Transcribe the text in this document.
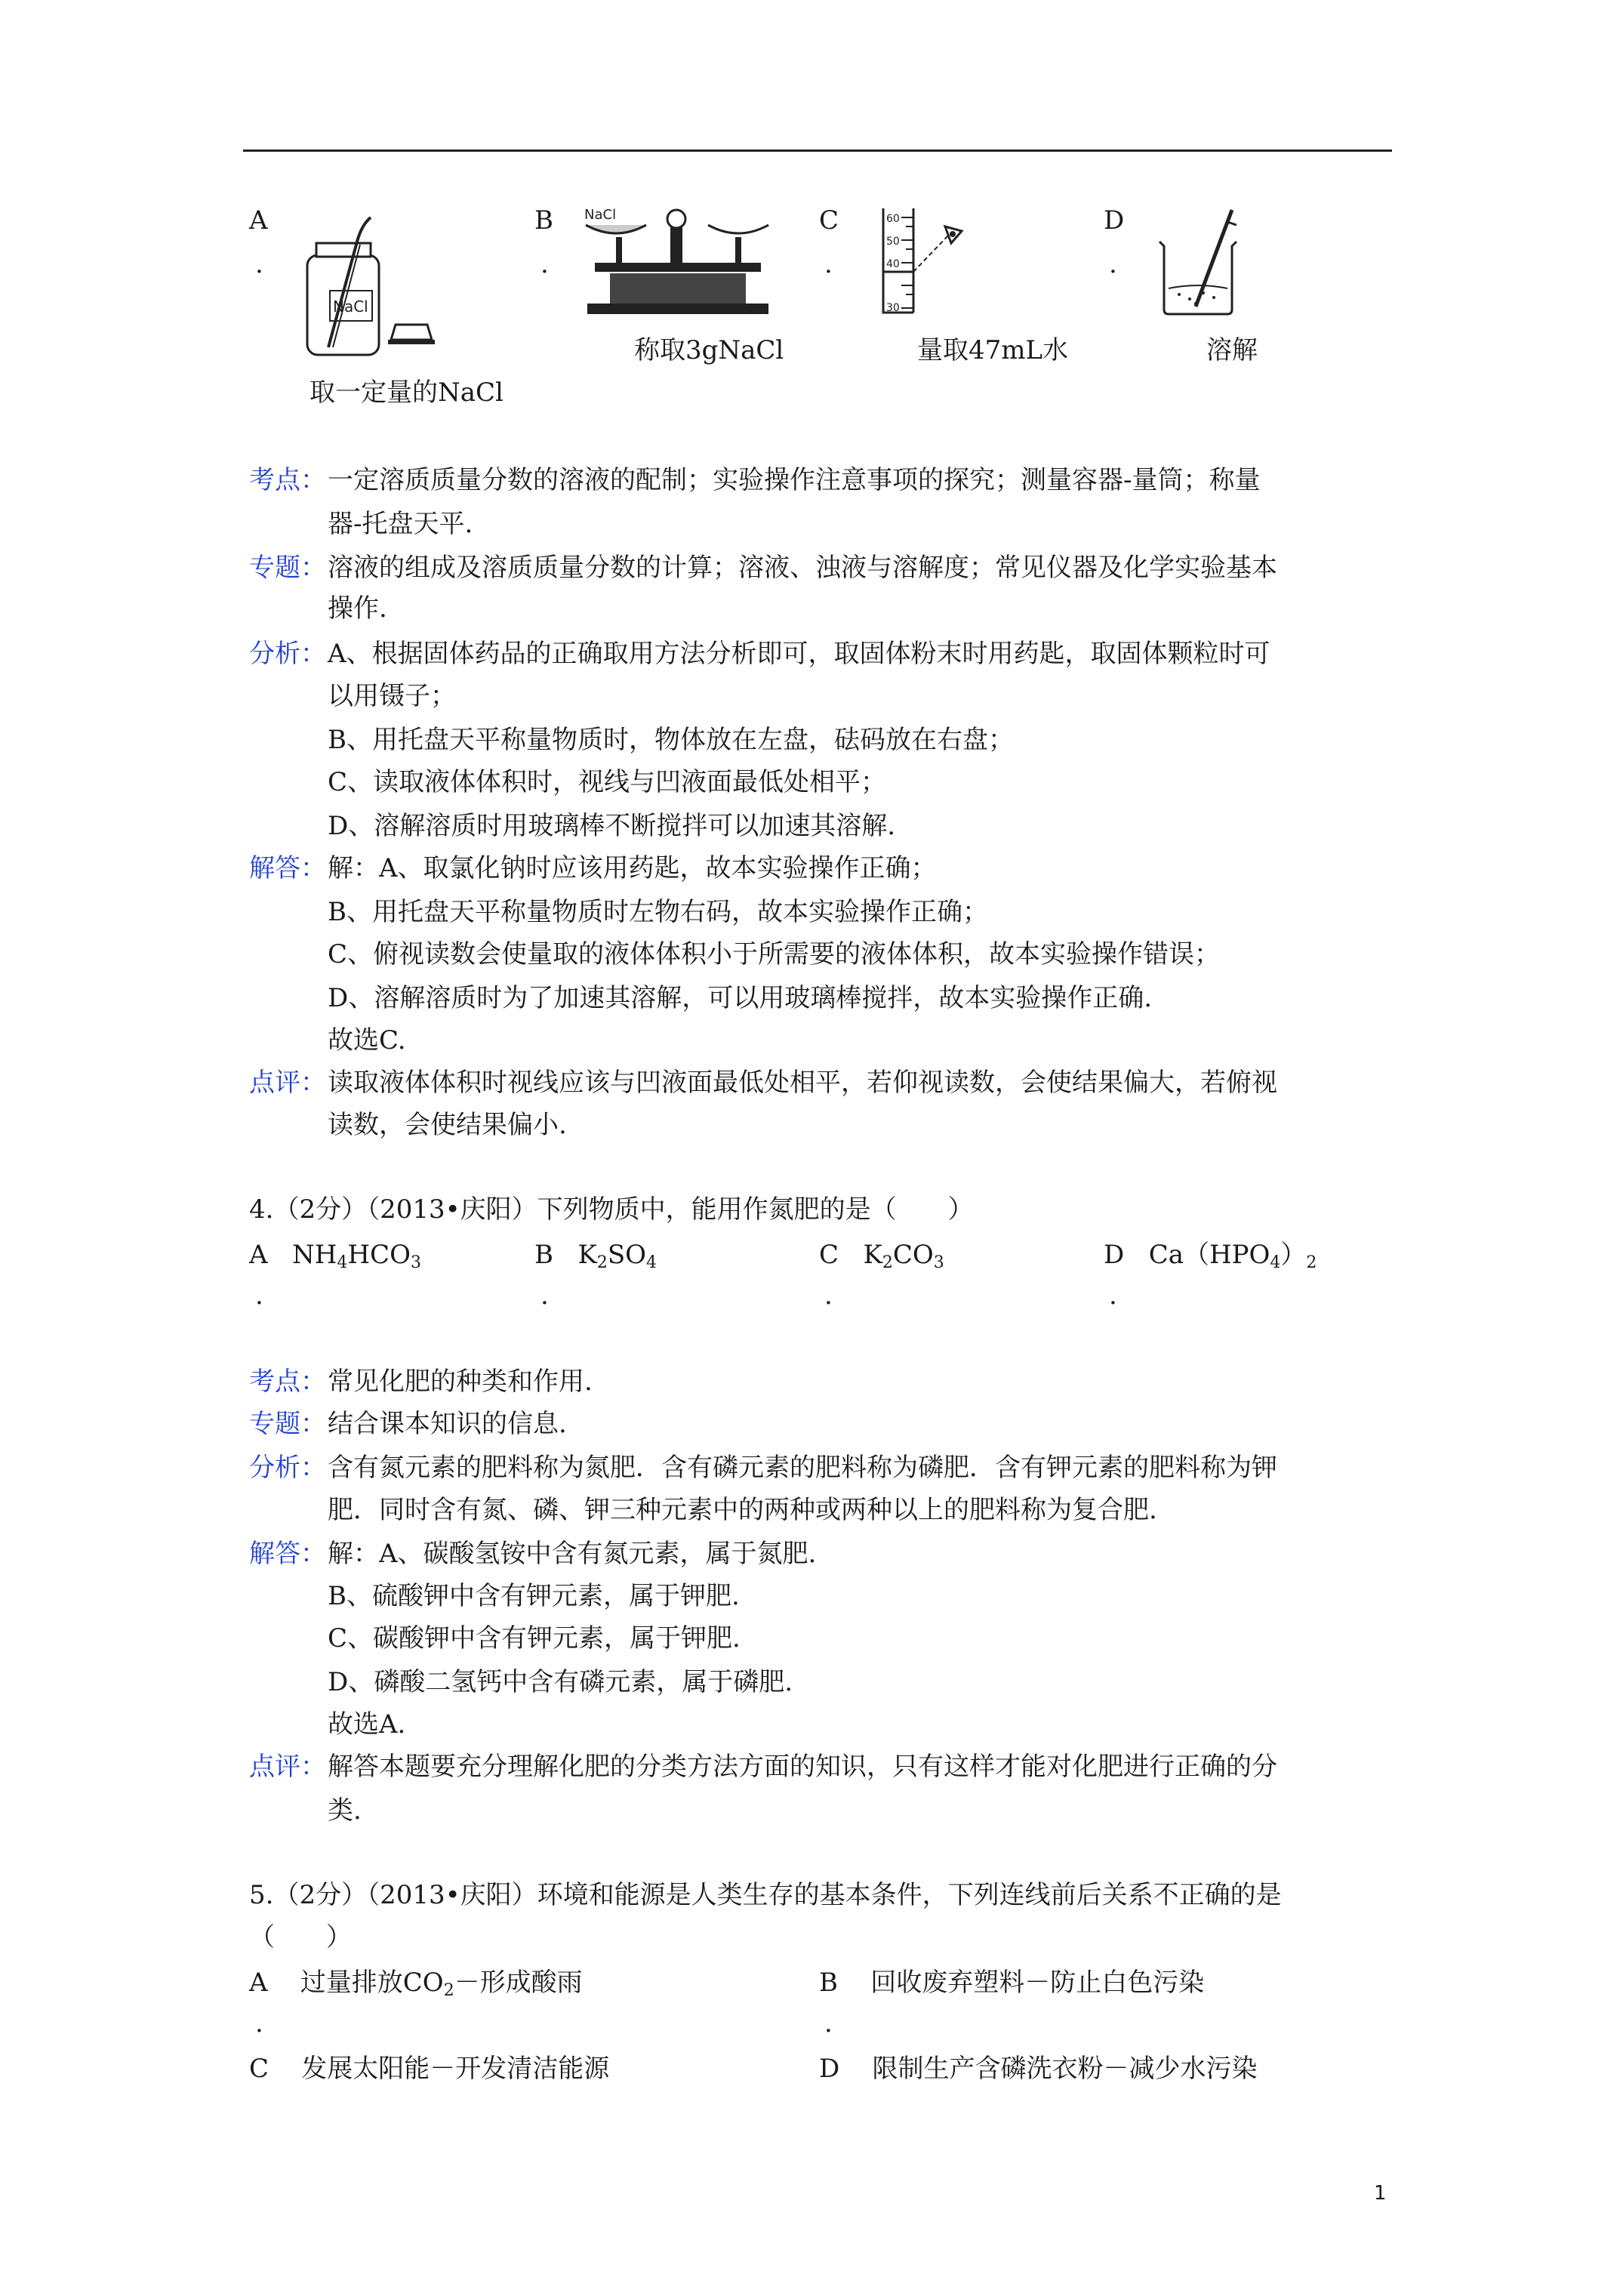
A
.
NaCl
取一定量的NaCl
B
.
NaCl
称取3gNaCl
C
.
60
50
40
30
量取47mL水
D
.
溶解
考点： 一定溶质质量分数的溶液的配制；实验操作注意事项的探究；测量容器-量筒；称量
器-托盘天平.
专题： 溶液的组成及溶质质量分数的计算；溶液、浊液与溶解度；常见仪器及化学实验基本
操作.
分析： A、根据固体药品的正确取用方法分析即可，取固体粉末时用药匙，取固体颗粒时可
以用镊子；
B、用托盘天平称量物质时，物体放在左盘，砝码放在右盘；
C、读取液体体积时，视线与凹液面最低处相平；
D、溶解溶质时用玻璃棒不断搅拌可以加速其溶解.
解答： 解：A、取氯化钠时应该用药匙，故本实验操作正确；
B、用托盘天平称量物质时左物右码，故本实验操作正确；
C、俯视读数会使量取的液体体积小于所需要的液体体积，故本实验操作错误；
D、溶解溶质时为了加速其溶解，可以用玻璃棒搅拌，故本实验操作正确.
故选C.
点评： 读取液体体积时视线应该与凹液面最低处相平，若仰视读数，会使结果偏大，若俯视
读数，会使结果偏小.
4.（2分）（2013•庆阳）下列物质中，能用作氮肥的是（　　）
A $NH_4HCO_3$	B $K_2SO_4$	C $K_2CO_3$	D $Ca(HPO_4)_2$
.	.	.	.
考点： 常见化肥的种类和作用.
专题： 结合课本知识的信息.
分析： 含有氮元素的肥料称为氮肥．含有磷元素的肥料称为磷肥．含有钾元素的肥料称为钾
肥．同时含有氮、磷、钾三种元素中的两种或两种以上的肥料称为复合肥.
解答： 解：A、碳酸氢铵中含有氮元素，属于氮肥.
B、硫酸钾中含有钾元素，属于钾肥.
C、碳酸钾中含有钾元素，属于钾肥.
D、磷酸二氢钙中含有磷元素，属于磷肥.
故选A.
点评： 解答本题要充分理解化肥的分类方法方面的知识，只有这样才能对化肥进行正确的分
类.
5.（2分）（2013•庆阳）环境和能源是人类生存的基本条件，下列连线前后关系不正确的是
（　　）
A 过量排放$CO_2-$形成酸雨	B 回收废弃塑料－防止白色污染
.	.
C 发展太阳能－开发清洁能源	D 限制生产含磷洗衣粉－减少水污染
1
